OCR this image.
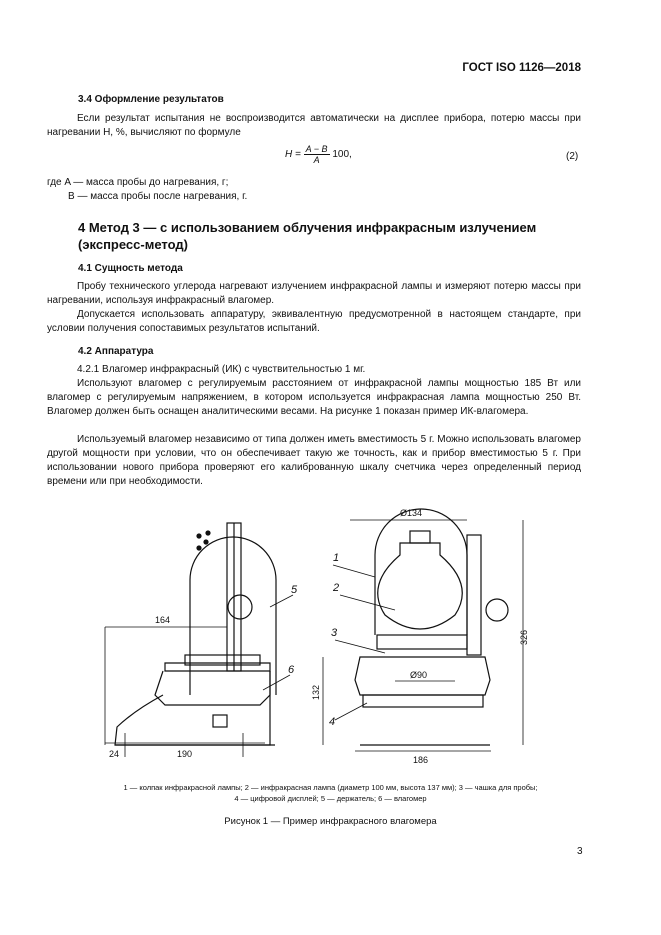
ГОСТ ISO 1126—2018
3.4 Оформление результатов
Если результат испытания не воспроизводится автоматически на дисплее прибора, потерю массы при нагревании H, %, вычисляют по формуле
$H = \frac{A - B}{A} 100$,	(2)
где A — масса пробы до нагревания, г;
B — масса пробы после нагревания, г.
4 Метод 3 — с использованием облучения инфракрасным излучением (экспресс-метод)
4.1 Сущность метода
Пробу технического углерода нагревают излучением инфракрасной лампы и измеряют потерю массы при нагревании, используя инфракрасный влагомер.
Допускается использовать аппаратуру, эквивалентную предусмотренной в настоящем стандарте, при условии получения сопоставимых результатов испытаний.
4.2 Аппаратура
4.2.1 Влагомер инфракрасный (ИК) с чувствительностью 1 мг.
Используют влагомер с регулируемым расстоянием от инфракрасной лампы мощностью 185 Вт или влагомер с регулируемым напряжением, в котором используется инфракрасная лампа мощностью 250 Вт. Влагомер должен быть оснащен аналитическими весами. На рисунке 1 показан пример ИК-влагомера.
Используемый влагомер независимо от типа должен иметь вместимость 5 г. Можно использовать влагомер другой мощности при условии, что он обеспечивает такую же точность, как и прибор вместимостью 5 г. При использовании нового прибора проверяют его калиброванную шкалу счетчика через определенный период времени или при необходимости.
164
24	190
Ø134
Ø90
186
132
326
1
2
3
4
5
6
1 — колпак инфракрасной лампы; 2 — инфракрасная лампа (диаметр 100 мм, высота 137 мм); 3 — чашка для пробы;
4 — цифровой дисплей; 5 — держатель; 6 — влагомер
Рисунок 1 — Пример инфракрасного влагомера
3
